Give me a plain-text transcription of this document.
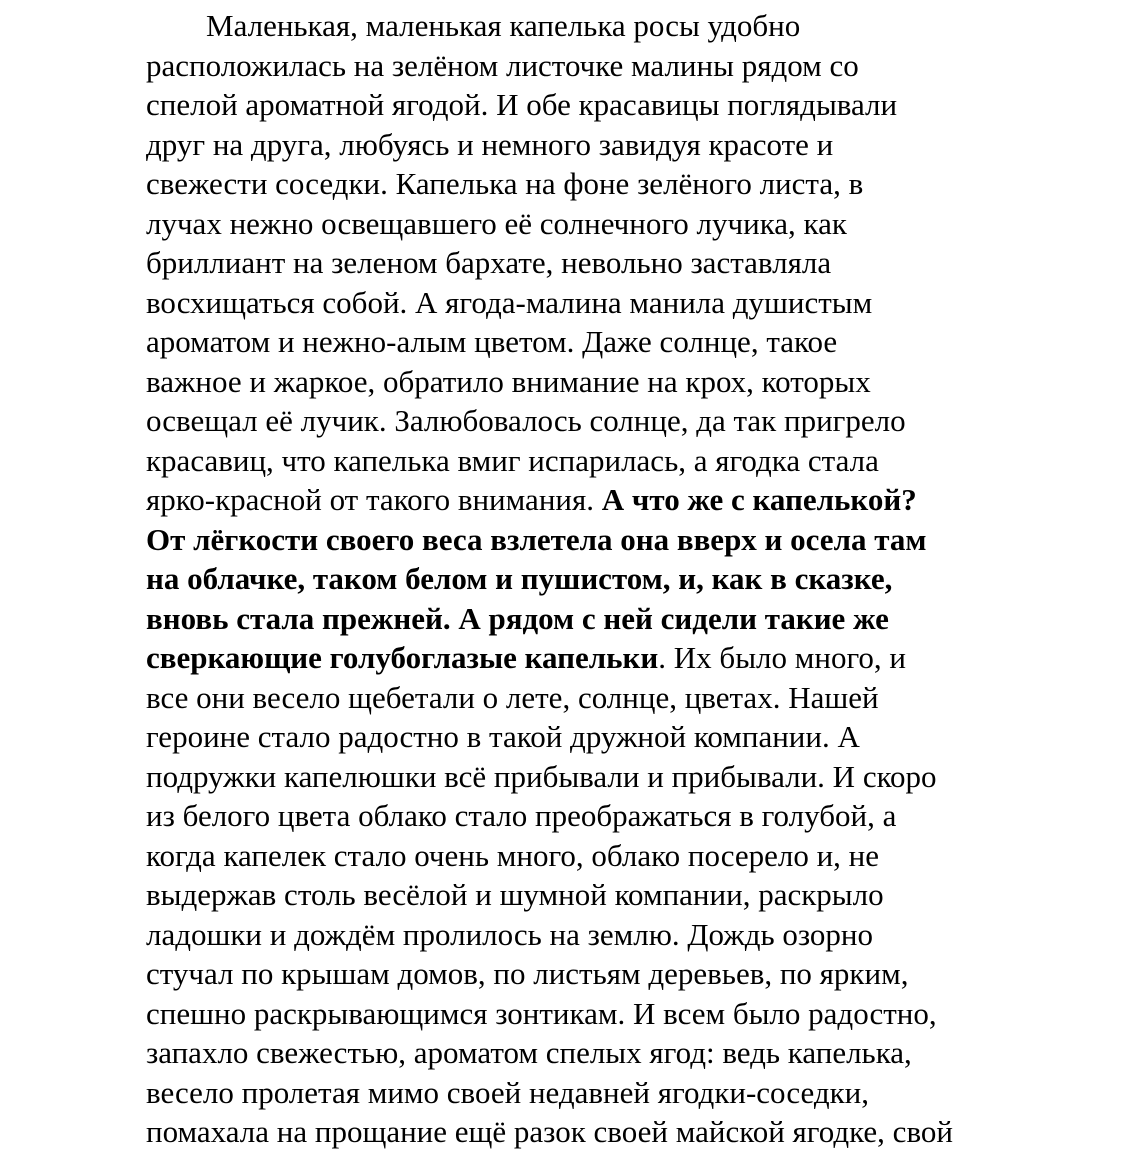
Маленькая, маленькая капелька росы удобно
расположилась на зелёном листочке малины рядом со
спелой ароматной ягодой. И обе красавицы поглядывали
друг на друга, любуясь и немного завидуя красоте и
свежести соседки. Капелька на фоне зелёного листа, в
лучах нежно освещавшего её солнечного лучика, как
бриллиант на зеленом бархате, невольно заставляла
восхищаться собой. А ягода-малина манила душистым
ароматом и нежно-алым цветом. Даже солнце, такое
важное и жаркое, обратило внимание на крох, которых
освещал её лучик. Залюбовалось солнце, да так пригрело
красавиц, что капелька вмиг испарилась, а ягодка стала
ярко-красной от такого внимания. А что же с капелькой?
От лёгкости своего веса взлетела она вверх и осела там
на облачке, таком белом и пушистом, и, как в сказке,
вновь стала прежней. А рядом с ней сидели такие же
сверкающие голубоглазые капельки. Их было много, и
все они весело щебетали о лете, солнце, цветах. Нашей
героине стало радостно в такой дружной компании. А
подружки капелюшки всё прибывали и прибывали. И скоро
из белого цвета облако стало преображаться в голубой, а
когда капелек стало очень много, облако посерело и, не
выдержав столь весёлой и шумной компании, раскрыло
ладошки и дождём пролилось на землю. Дождь озорно
стучал по крышам домов, по листьям деревьев, по ярким,
спешно раскрывающимся зонтикам. И всем было радостно,
запахло свежестью, ароматом спелых ягод: ведь капелька,
весело пролетая мимо своей недавней ягодки-соседки,
помахала на прощание ещё разок своей майской ягодке, свой
